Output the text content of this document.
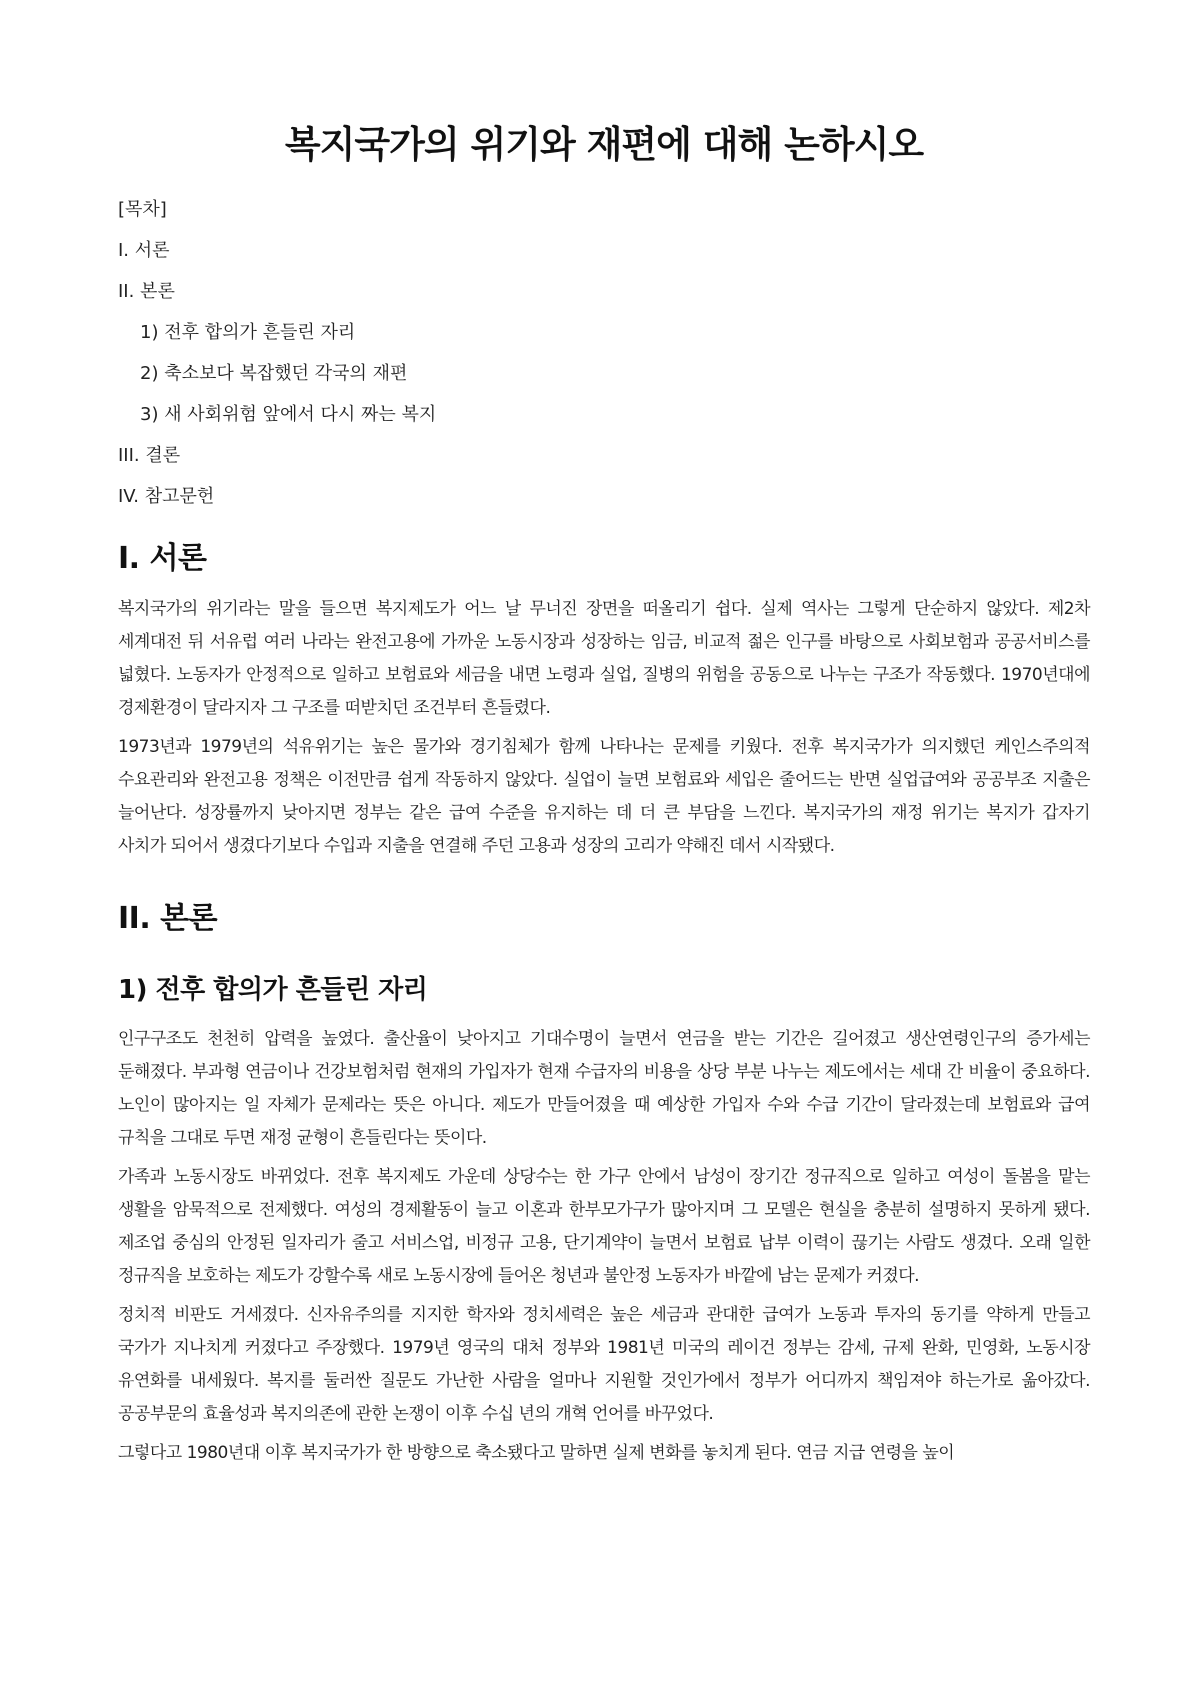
복지국가의 위기와 재편에 대해 논하시오
[목차]
I. 서론
II. 본론
1) 전후 합의가 흔들린 자리
2) 축소보다 복잡했던 각국의 재편
3) 새 사회위험 앞에서 다시 짜는 복지
III. 결론
IV. 참고문헌
I. 서론

복지국가의 위기라는 말을 들으면 복지제도가 어느 날 무너진 장면을 떠올리기 쉽다. 실제 역사는 그렇게 단순하지 않았다. 제2차 세계대전 뒤 서유럽 여러 나라는 완전고용에 가까운 노동시장과 성장하는 임금, 비교적 젊은 인구를 바탕으로 사회보험과 공공서비스를 넓혔다. 노동자가 안정적으로 일하고 보험료와 세금을 내면 노령과 실업, 질병의 위험을 공동으로 나누는 구조가 작동했다. 1970년대에 경제환경이 달라지자 그 구조를 떠받치던 조건부터 흔들렸다.

1973년과 1979년의 석유위기는 높은 물가와 경기침체가 함께 나타나는 문제를 키웠다. 전후 복지국가가 의지했던 케인스주의적 수요관리와 완전고용 정책은 이전만큼 쉽게 작동하지 않았다. 실업이 늘면 보험료와 세입은 줄어드는 반면 실업급여와 공공부조 지출은 늘어난다. 성장률까지 낮아지면 정부는 같은 급여 수준을 유지하는 데 더 큰 부담을 느낀다. 복지국가의 재정 위기는 복지가 갑자기 사치가 되어서 생겼다기보다 수입과 지출을 연결해 주던 고용과 성장의 고리가 약해진 데서 시작됐다.

II. 본론
1) 전후 합의가 흔들린 자리

인구구조도 천천히 압력을 높였다. 출산율이 낮아지고 기대수명이 늘면서 연금을 받는 기간은 길어졌고 생산연령인구의 증가세는 둔해졌다. 부과형 연금이나 건강보험처럼 현재의 가입자가 현재 수급자의 비용을 상당 부분 나누는 제도에서는 세대 간 비율이 중요하다. 노인이 많아지는 일 자체가 문제라는 뜻은 아니다. 제도가 만들어졌을 때 예상한 가입자 수와 수급 기간이 달라졌는데 보험료와 급여 규칙을 그대로 두면 재정 균형이 흔들린다는 뜻이다.

가족과 노동시장도 바뀌었다. 전후 복지제도 가운데 상당수는 한 가구 안에서 남성이 장기간 정규직으로 일하고 여성이 돌봄을 맡는 생활을 암묵적으로 전제했다. 여성의 경제활동이 늘고 이혼과 한부모가구가 많아지며 그 모델은 현실을 충분히 설명하지 못하게 됐다. 제조업 중심의 안정된 일자리가 줄고 서비스업, 비정규 고용, 단기계약이 늘면서 보험료 납부 이력이 끊기는 사람도 생겼다. 오래 일한 정규직을 보호하는 제도가 강할수록 새로 노동시장에 들어온 청년과 불안정 노동자가 바깥에 남는 문제가 커졌다.

정치적 비판도 거세졌다. 신자유주의를 지지한 학자와 정치세력은 높은 세금과 관대한 급여가 노동과 투자의 동기를 약하게 만들고 국가가 지나치게 커졌다고 주장했다. 1979년 영국의 대처 정부와 1981년 미국의 레이건 정부는 감세, 규제 완화, 민영화, 노동시장 유연화를 내세웠다. 복지를 둘러싼 질문도 가난한 사람을 얼마나 지원할 것인가에서 정부가 어디까지 책임져야 하는가로 옮아갔다. 공공부문의 효율성과 복지의존에 관한 논쟁이 이후 수십 년의 개혁 언어를 바꾸었다.

그렇다고 1980년대 이후 복지국가가 한 방향으로 축소됐다고 말하면 실제 변화를 놓치게 된다. 연금 지급 연령을 높이
